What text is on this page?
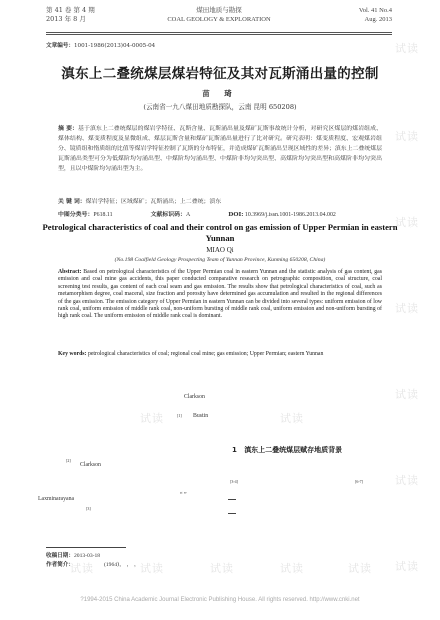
试读
试读
试读
试读
试读
试读
试读
试读	试读	试读	试读	试读
试读	试读
第 41 卷 第 4 期
2013 年 8 月
煤田地质与勘探
COAL GEOLOGY & EXPLORATION
Vol. 41 No.4
Aug. 2013
文章编号：1001-1986(2013)04-0005-04
滇东上二叠统煤层煤岩特征及其对瓦斯涌出量的控制
苗 琦
(云南省一九八煤田地质勘探队，云南 昆明 650208)
摘 要：基于滇东上二叠统煤层的煤岩学特征、瓦斯含量、瓦斯涌出量及煤矿瓦斯事故统计分析，对研究区煤层的煤岩组成、煤体结构、煤变质程度及显微组成、煤层瓦斯含量和煤矿瓦斯涌出量进行了比对研究。研究表明：煤变质程度、宏观煤岩组分、镜质组和惰质组的比值等煤岩学特征控制了瓦斯的分布特征，并造成煤矿瓦斯涌出呈现区域性的差异；滇东上二叠统煤层瓦斯涌出类型可分为低煤阶均匀涌出型、中煤阶均匀涌出型、中煤阶非均匀突出型、高煤阶均匀突出型和高煤阶非均匀突出型，且以中煤阶均匀涌出型为主。
关 键 词：煤岩学特征；区域煤矿；瓦斯涌出；上二叠统；滇东
中图分类号：P618.11	文献标识码：A	DOI: 10.3969/j.issn.1001-1986.2013.04.002
Petrological characteristics of coal and their control on gas emission of Upper Permian in eastern Yunnan
MIAO Qi
(No.198 Coalfield Geology Prospecting Team of Yunnan Province, Kunming 650208, China)
Abstract: Based on petrological characteristics of the Upper Permian coal in eastern Yunnan and the statistic analysis of gas content, gas emission and coal mine gas accidents, this paper conducted comparative research on petrographic composition, coal structure, coal screening test results, gas content of each coal seam and gas emission. The results show that petrological characteristics of coal, such as metamorphism degree, coal maceral, size fraction and porosity have determined gas accumulation and resulted in the regional differences of the gas emission. The emission category of Upper Permian in eastern Yunnan can be divided into several types: uniform emission of low rank coal, uniform emission of middle rank coal, non-uniform bursting of middle rank coal, uniform emission and non-uniform bursting of high rank coal. The uniform emission of middle rank coal is dominant.
Key words: petrological characteristics of coal; regional coal mine; gas emission; Upper Permian; eastern Yunnan
Clarkson
[1] Bustin
1 滇东上二叠统煤层赋存地质背景
[2]
Clarkson
[3-4]	[6-7]
Laxminarayana
“ ”
[3]
收稿日期：2013-03-18
作者简介：	(1964)， ， ，
?1994-2015 China Academic Journal Electronic Publishing House. All rights reserved. http://www.cnki.net
